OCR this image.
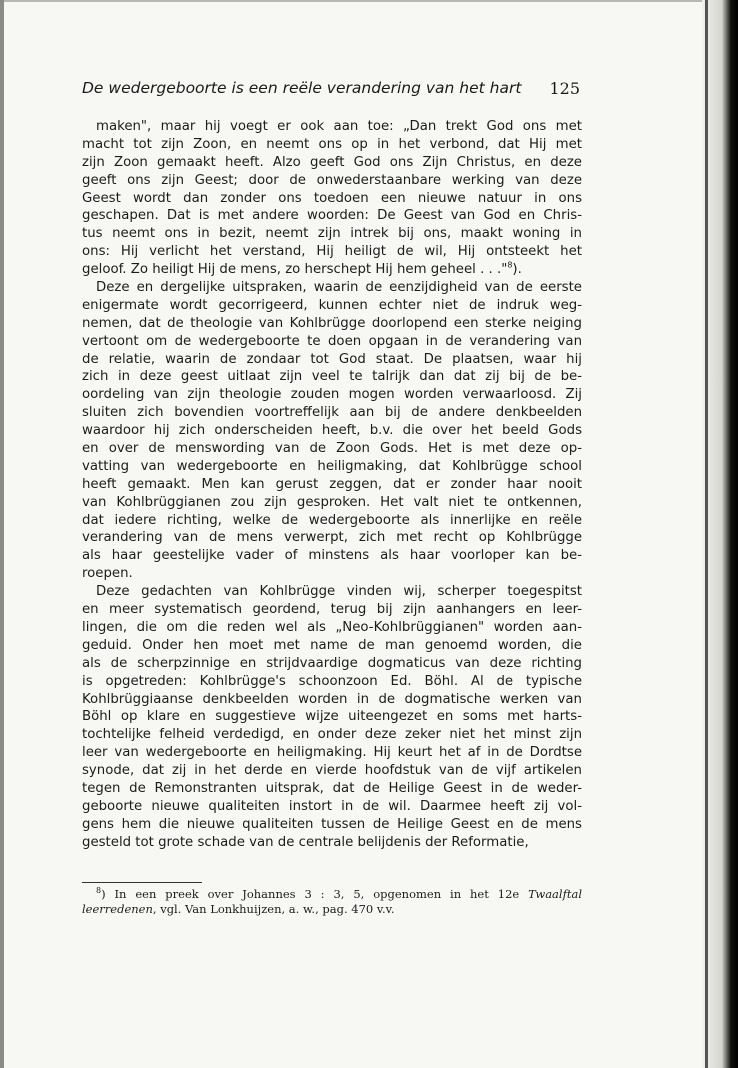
De wedergeboorte is een reële verandering van het hart 125
maken", maar hij voegt er ook aan toe: „Dan trekt God ons met
macht tot zijn Zoon, en neemt ons op in het verbond, dat Hij met
zijn Zoon gemaakt heeft. Alzo geeft God ons Zijn Christus, en deze
geeft ons zijn Geest; door de onwederstaanbare werking van deze
Geest wordt dan zonder ons toedoen een nieuwe natuur in ons
geschapen. Dat is met andere woorden: De Geest van God en Chris-
tus neemt ons in bezit, neemt zijn intrek bij ons, maakt woning in
ons: Hij verlicht het verstand, Hij heiligt de wil, Hij ontsteekt het
geloof. Zo heiligt Hij de mens, zo herschept Hij hem geheel . . ."$^8$).
Deze en dergelijke uitspraken, waarin de eenzijdigheid van de eerste
enigermate wordt gecorrigeerd, kunnen echter niet de indruk weg-
nemen, dat de theologie van Kohlbrügge doorlopend een sterke neiging
vertoont om de wedergeboorte te doen opgaan in de verandering van
de relatie, waarin de zondaar tot God staat. De plaatsen, waar hij
zich in deze geest uitlaat zijn veel te talrijk dan dat zij bij de be-
oordeling van zijn theologie zouden mogen worden verwaarloosd. Zij
sluiten zich bovendien voortreffelijk aan bij de andere denkbeelden
waardoor hij zich onderscheiden heeft, b.v. die over het beeld Gods
en over de menswording van de Zoon Gods. Het is met deze op-
vatting van wedergeboorte en heiligmaking, dat Kohlbrügge school
heeft gemaakt. Men kan gerust zeggen, dat er zonder haar nooit
van Kohlbrüggianen zou zijn gesproken. Het valt niet te ontkennen,
dat iedere richting, welke de wedergeboorte als innerlijke en reële
verandering van de mens verwerpt, zich met recht op Kohlbrügge
als haar geestelijke vader of minstens als haar voorloper kan be-
roepen.
Deze gedachten van Kohlbrügge vinden wij, scherper toegespitst
en meer systematisch geordend, terug bij zijn aanhangers en leer-
lingen, die om die reden wel als „Neo-Kohlbrüggianen" worden aan-
geduid. Onder hen moet met name de man genoemd worden, die
als de scherpzinnige en strijdvaardige dogmaticus van deze richting
is opgetreden: Kohlbrügge's schoonzoon Ed. Böhl. Al de typische
Kohlbrüggiaanse denkbeelden worden in de dogmatische werken van
Böhl op klare en suggestieve wijze uiteengezet en soms met harts-
tochtelijke felheid verdedigd, en onder deze zeker niet het minst zijn
leer van wedergeboorte en heiligmaking. Hij keurt het af in de Dordtse
synode, dat zij in het derde en vierde hoofdstuk van de vijf artikelen
tegen de Remonstranten uitsprak, dat de Heilige Geest in de weder-
geboorte nieuwe qualiteiten instort in de wil. Daarmee heeft zij vol-
gens hem die nieuwe qualiteiten tussen de Heilige Geest en de mens
gesteld tot grote schade van de centrale belijdenis der Reformatie,
$^8$) In een preek over Johannes 3 : 3, 5, opgenomen in het 12e Twaalftal
leerredenen, vgl. Van Lonkhuijzen, a. w., pag. 470 v.v.
